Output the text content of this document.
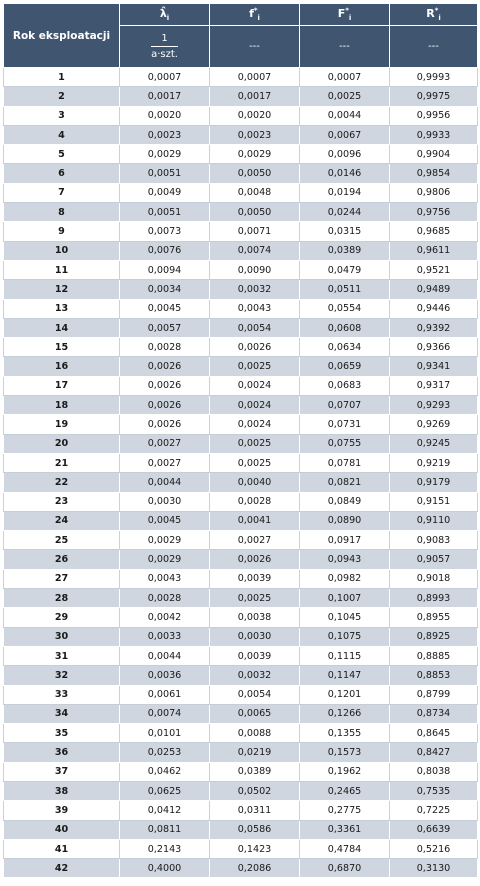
Rok eksploatacji	$\lambdâ_i$	$f^*_i$	$F^*_i$	$R^*_i$

	$\frac{1}{\text{a·szt.}}$	---	---	---
1	0,0007	0,0007	0,0007	0,9993
2	0,0017	0,0017	0,0025	0,9975
3	0,0020	0,0020	0,0044	0,9956
4	0,0023	0,0023	0,0067	0,9933
5	0,0029	0,0029	0,0096	0,9904
6	0,0051	0,0050	0,0146	0,9854
7	0,0049	0,0048	0,0194	0,9806
8	0,0051	0,0050	0,0244	0,9756
9	0,0073	0,0071	0,0315	0,9685
10	0,0076	0,0074	0,0389	0,9611
11	0,0094	0,0090	0,0479	0,9521
12	0,0034	0,0032	0,0511	0,9489
13	0,0045	0,0043	0,0554	0,9446
14	0,0057	0,0054	0,0608	0,9392
15	0,0028	0,0026	0,0634	0,9366
16	0,0026	0,0025	0,0659	0,9341
17	0,0026	0,0024	0,0683	0,9317
18	0,0026	0,0024	0,0707	0,9293
19	0,0026	0,0024	0,0731	0,9269
20	0,0027	0,0025	0,0755	0,9245
21	0,0027	0,0025	0,0781	0,9219
22	0,0044	0,0040	0,0821	0,9179
23	0,0030	0,0028	0,0849	0,9151
24	0,0045	0,0041	0,0890	0,9110
25	0,0029	0,0027	0,0917	0,9083
26	0,0029	0,0026	0,0943	0,9057
27	0,0043	0,0039	0,0982	0,9018
28	0,0028	0,0025	0,1007	0,8993
29	0,0042	0,0038	0,1045	0,8955
30	0,0033	0,0030	0,1075	0,8925
31	0,0044	0,0039	0,1115	0,8885
32	0,0036	0,0032	0,1147	0,8853
33	0,0061	0,0054	0,1201	0,8799
34	0,0074	0,0065	0,1266	0,8734
35	0,0101	0,0088	0,1355	0,8645
36	0,0253	0,0219	0,1573	0,8427
37	0,0462	0,0389	0,1962	0,8038
38	0,0625	0,0502	0,2465	0,7535
39	0,0412	0,0311	0,2775	0,7225
40	0,0811	0,0586	0,3361	0,6639
41	0,2143	0,1423	0,4784	0,5216
42	0,4000	0,2086	0,6870	0,3130
